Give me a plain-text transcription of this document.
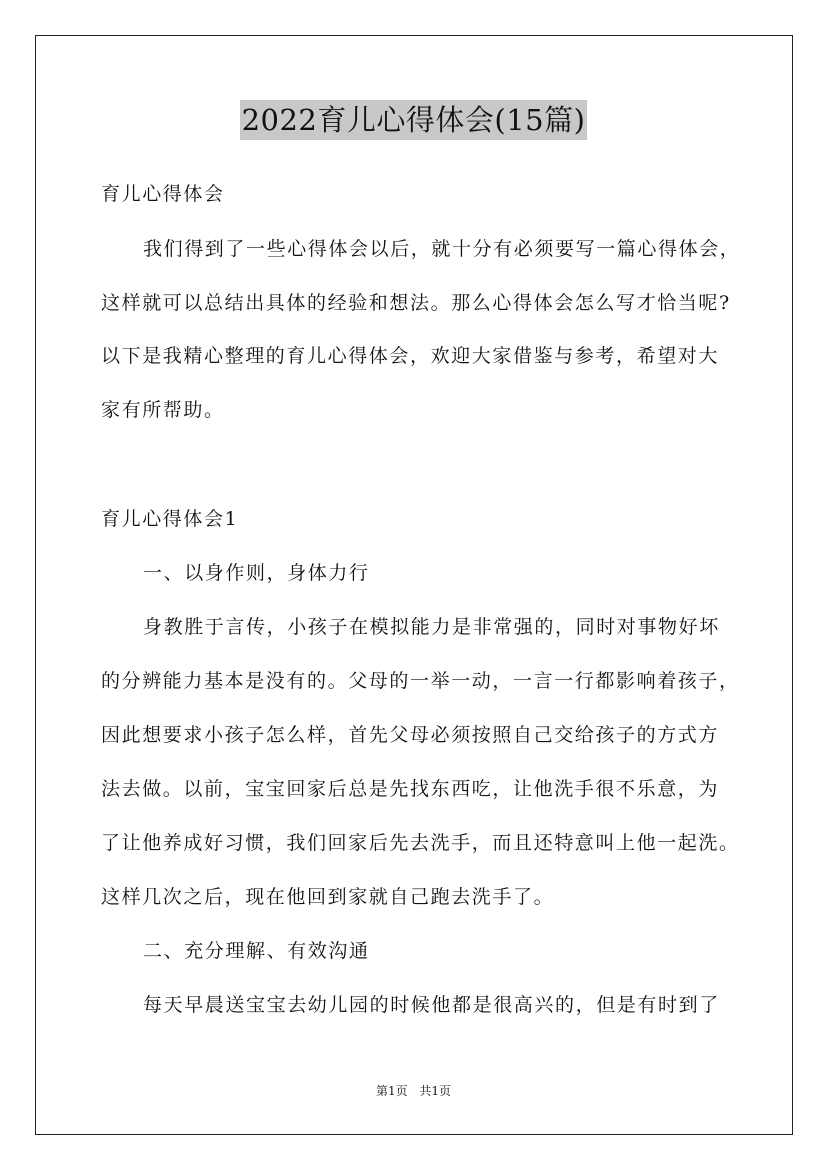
2022育儿心得体会(15篇)
育儿心得体会
我们得到了一些心得体会以后，就十分有必须要写一篇心得体会，
这样就可以总结出具体的经验和想法。那么心得体会怎么写才恰当呢?
以下是我精心整理的育儿心得体会，欢迎大家借鉴与参考，希望对大
家有所帮助。
育儿心得体会1
一、以身作则，身体力行
身教胜于言传，小孩子在模拟能力是非常强的，同时对事物好坏
的分辨能力基本是没有的。父母的一举一动，一言一行都影响着孩子，
因此想要求小孩子怎么样，首先父母必须按照自己交给孩子的方式方
法去做。以前，宝宝回家后总是先找东西吃，让他洗手很不乐意，为
了让他养成好习惯，我们回家后先去洗手，而且还特意叫上他一起洗。
这样几次之后，现在他回到家就自己跑去洗手了。
二、充分理解、有效沟通
每天早晨送宝宝去幼儿园的时候他都是很高兴的，但是有时到了
第1页 共1页
